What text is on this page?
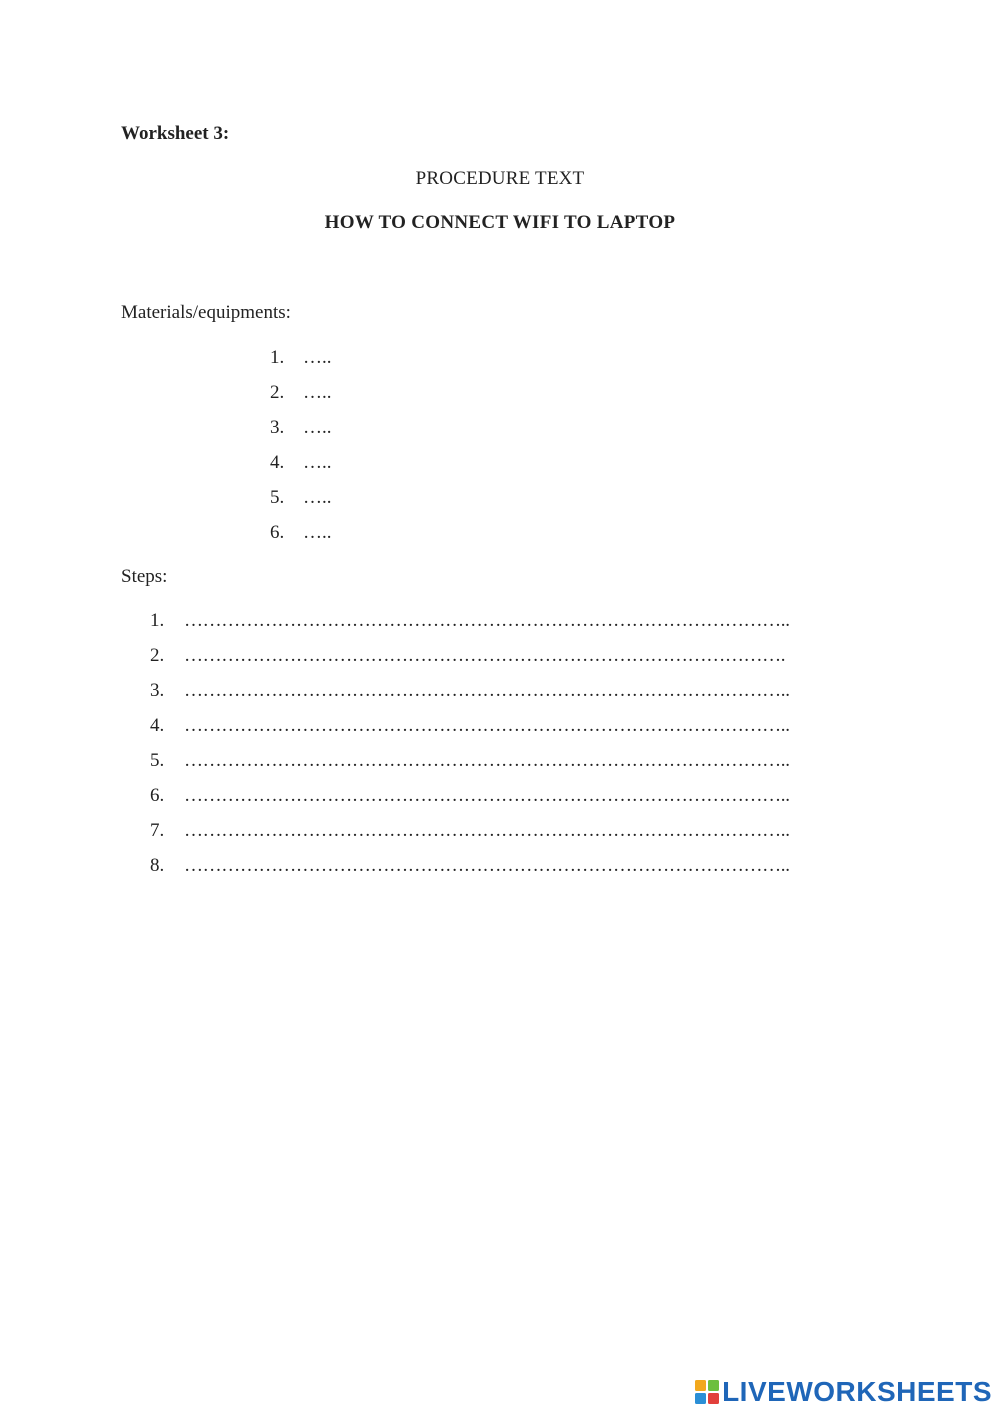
Worksheet 3:
PROCEDURE TEXT
HOW TO CONNECT WIFI TO LAPTOP
Materials/equipments:
1. …..
2. …..
3. …..
4. …..
5. …..
6. …..
Steps:
1. ……………………………………………………………………………………..
2. …………………………………………………………………………………….
3. ……………………………………………………………………………………..
4. ……………………………………………………………………………………..
5. ……………………………………………………………………………………..
6. ……………………………………………………………………………………..
7. ……………………………………………………………………………………..
8. ……………………………………………………………………………………..
LIVEWORKSHEETS
